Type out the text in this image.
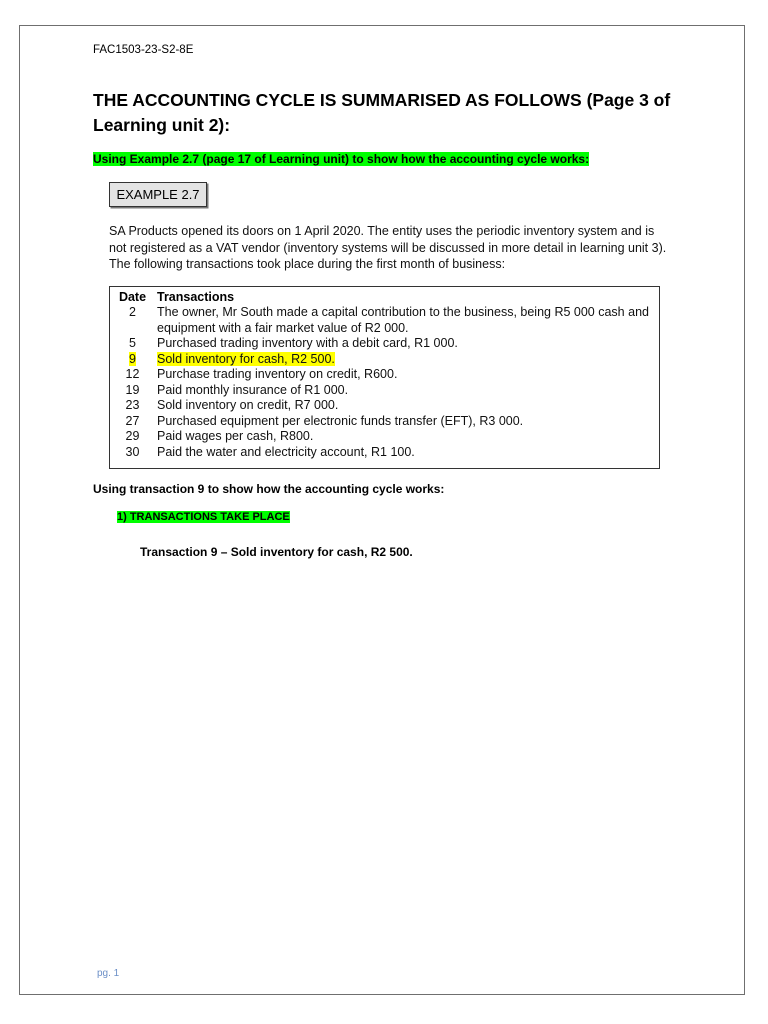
FAC1503-23-S2-8E
THE ACCOUNTING CYCLE IS SUMMARISED AS FOLLOWS (Page 3 of
Learning unit 2):
Using Example 2.7 (page 17 of Learning unit) to show how the accounting cycle works:
EXAMPLE 2.7
SA Products opened its doors on 1 April 2020. The entity uses the periodic inventory system and is not registered as a VAT vendor (inventory systems will be discussed in more detail in learning unit 3). The following transactions took place during the first month of business:
Date Transactions
2	The owner, Mr South made a capital contribution to the business, being R5 000 cash and equipment with a fair market value of R2 000.
5	Purchased trading inventory with a debit card, R1 000.
9	Sold inventory for cash, R2 500.
12	Purchase trading inventory on credit, R600.
19	Paid monthly insurance of R1 000.
23	Sold inventory on credit, R7 000.
27	Purchased equipment per electronic funds transfer (EFT), R3 000.
29	Paid wages per cash, R800.
30	Paid the water and electricity account, R1 100.
Using transaction 9 to show how the accounting cycle works:
1) TRANSACTIONS TAKE PLACE
Transaction 9 – Sold inventory for cash, R2 500.
pg. 1
